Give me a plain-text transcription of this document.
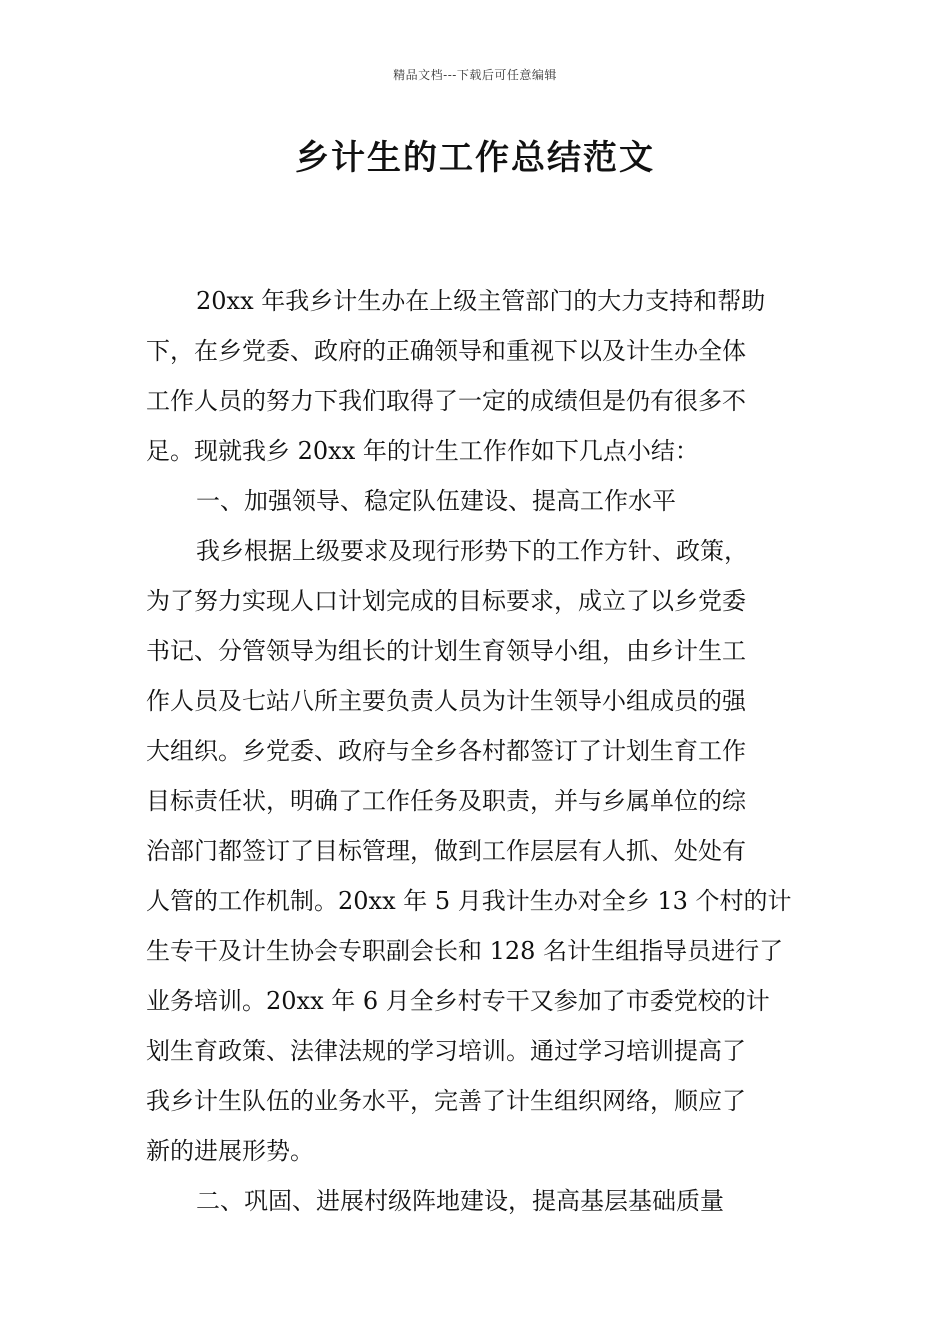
精品文档---下载后可任意编辑
乡计生的工作总结范文
20xx 年我乡计生办在上级主管部门的大力支持和帮助
下，在乡党委、政府的正确领导和重视下以及计生办全体
工作人员的努力下我们取得了一定的成绩但是仍有很多不
足。现就我乡 20xx 年的计生工作作如下几点小结：
一、加强领导、稳定队伍建设、提高工作水平
我乡根据上级要求及现行形势下的工作方针、政策，
为了努力实现人口计划完成的目标要求，成立了以乡党委
书记、分管领导为组长的计划生育领导小组，由乡计生工
作人员及七站八所主要负责人员为计生领导小组成员的强
大组织。乡党委、政府与全乡各村都签订了计划生育工作
目标责任状，明确了工作任务及职责，并与乡属单位的综
治部门都签订了目标管理，做到工作层层有人抓、处处有
人管的工作机制。20xx 年 5 月我计生办对全乡 13 个村的计
生专干及计生协会专职副会长和 128 名计生组指导员进行了
业务培训。20xx 年 6 月全乡村专干又参加了市委党校的计
划生育政策、法律法规的学习培训。通过学习培训提高了
我乡计生队伍的业务水平，完善了计生组织网络，顺应了
新的进展形势。
二、巩固、进展村级阵地建设，提高基层基础质量
